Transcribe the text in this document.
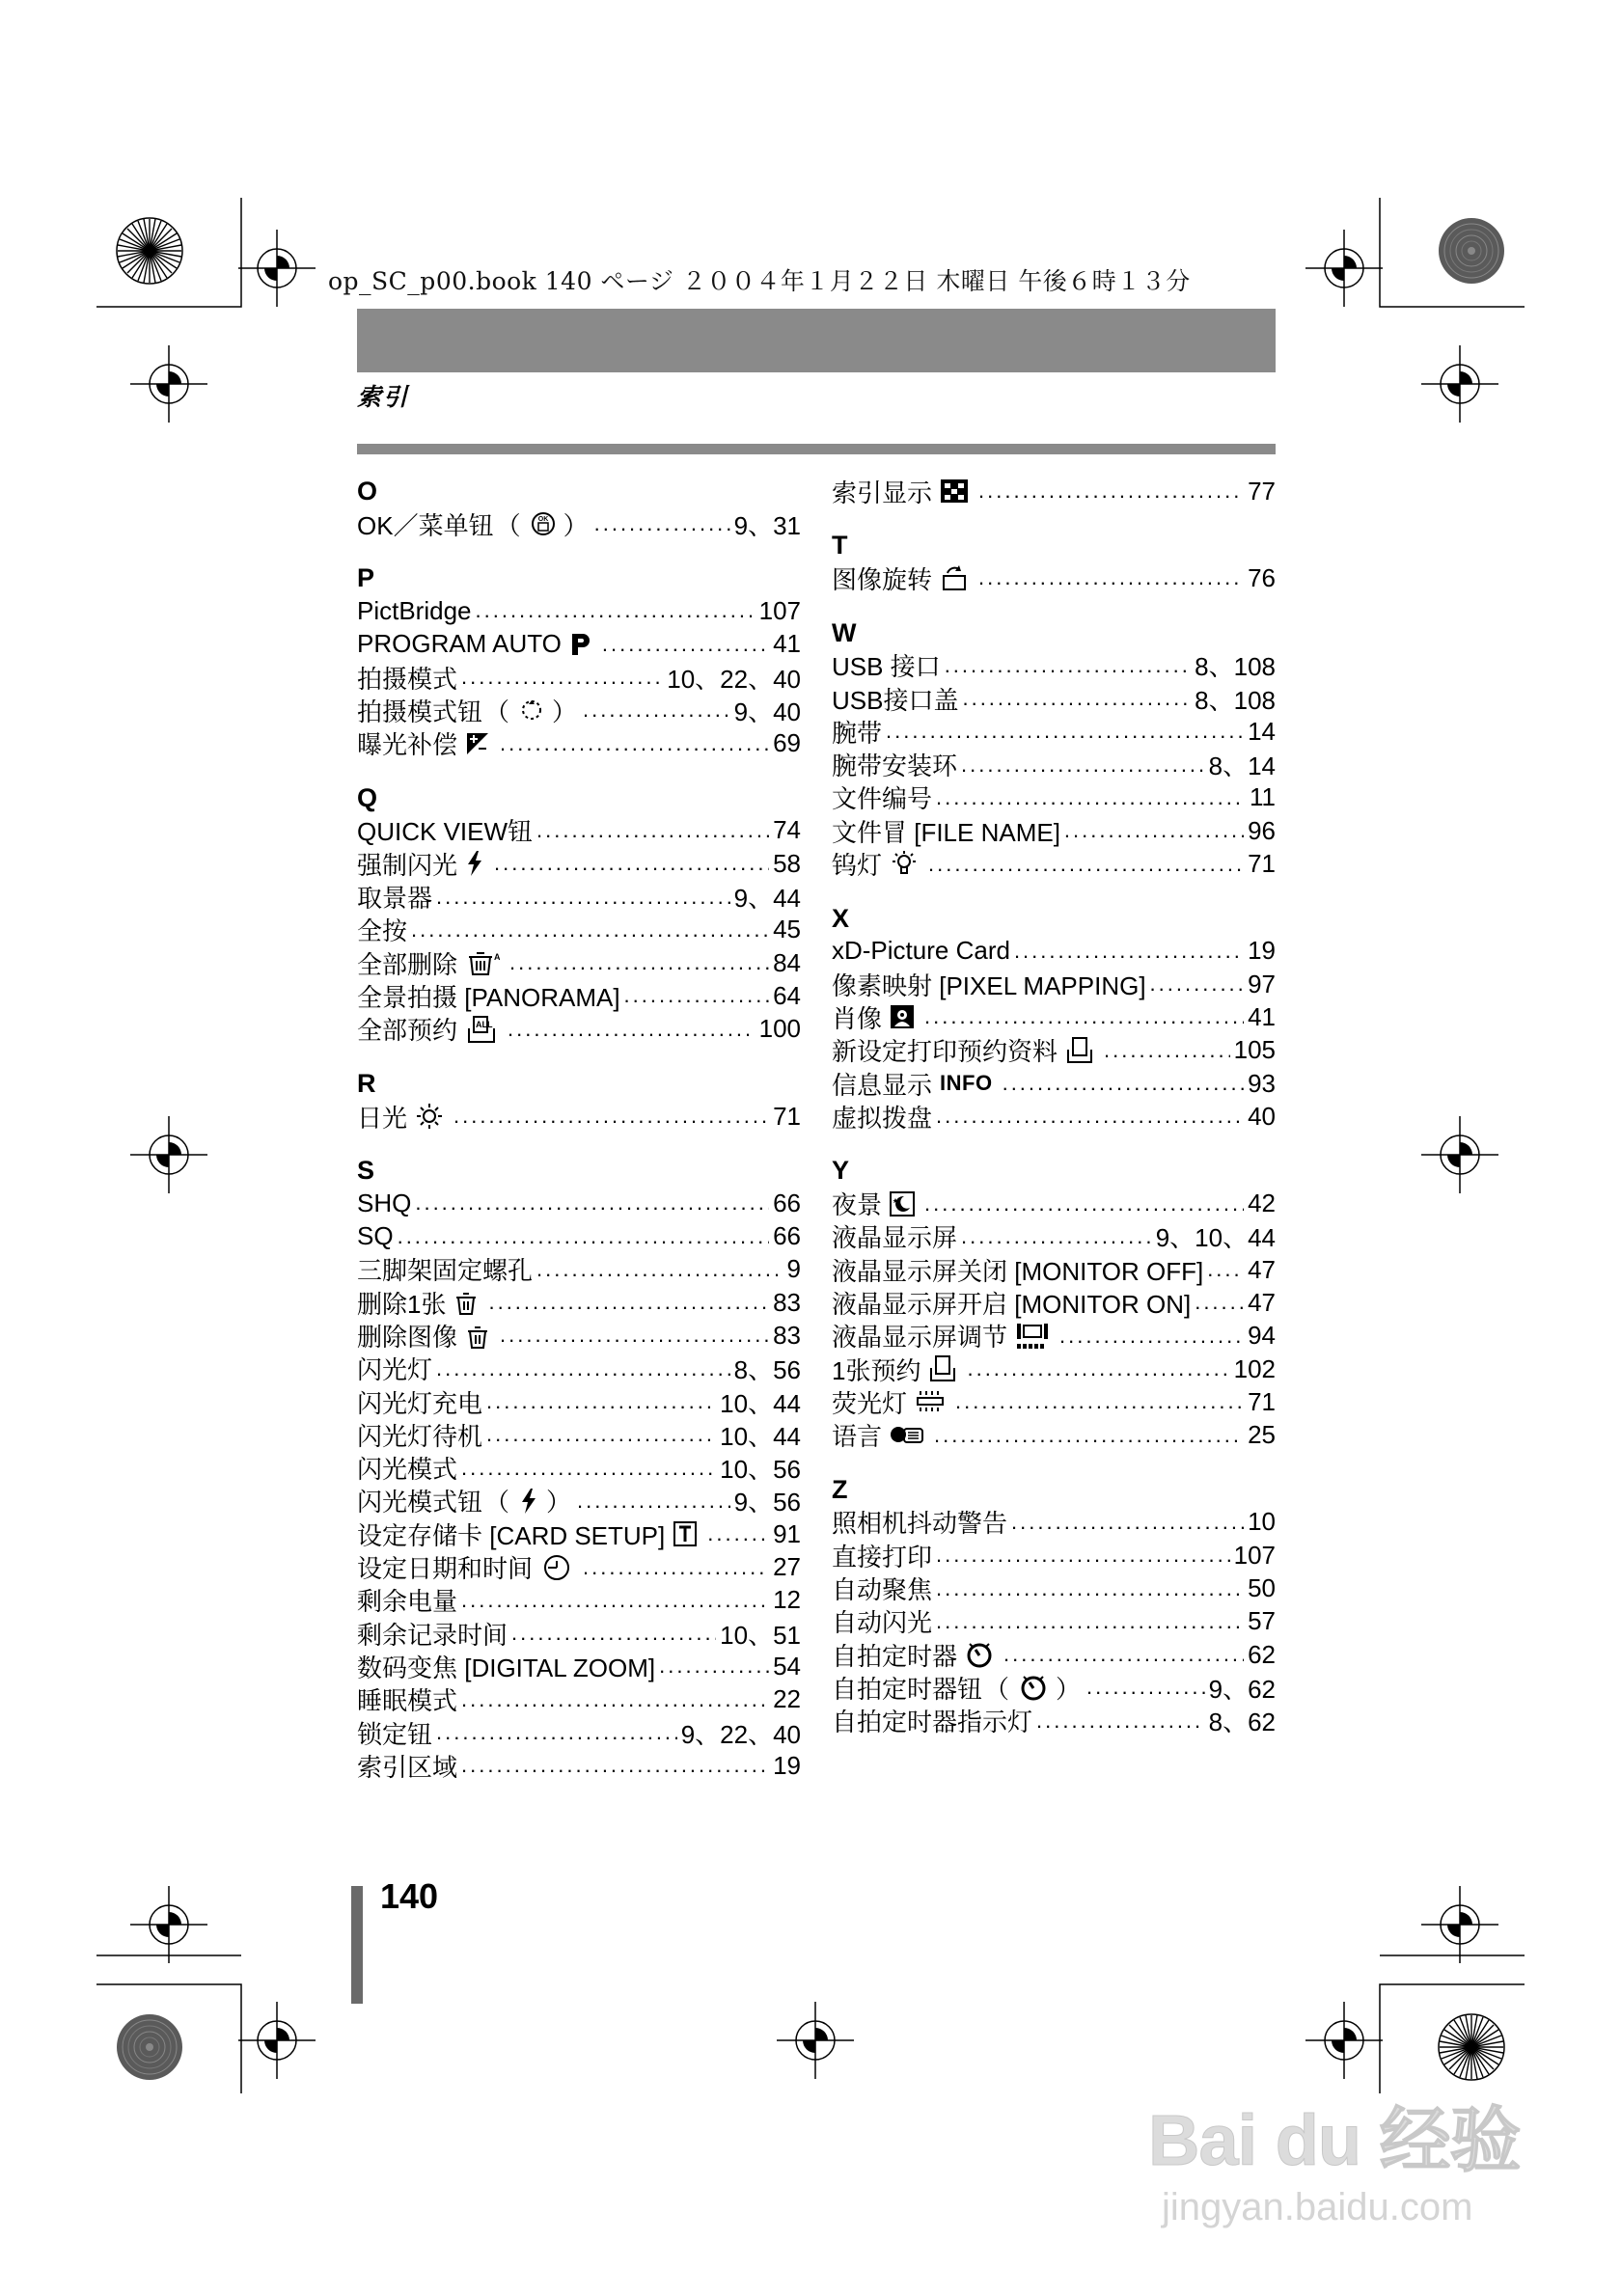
op_SC_p00.book 140 ページ ２００４年１月２２日 木曜日 午後６時１３分
索引
O
OK／菜单钮 （	OK ） .....	9、31
P
PictBridge .....	107
PROGRAM AUTO .....	41
拍摄模式 .....	10、22、40
拍摄模式钮 （ ） .....	9、40
曝光补偿 .....	69
Q
QUICK VIEW钮 .....	74
强制闪光 .....	58
取景器 .....	9、44
全按 .....	45
全部删除	A .....	84
全景拍摄 [PANORAMA] .....	64
全部预约 ALL .....	100
R
日光 .....	71
S
SHQ .....	66
SQ .....	66
三脚架固定螺孔 .....	9
删除1张 .....	83
删除图像 .....	83
闪光灯 .....	8、56
闪光灯充电 .....	10、44
闪光灯待机 .....	10、44
闪光模式 .....	10、56
闪光模式钮 （ ） .....	9、56
设定存储卡 [CARD SETUP] .....	91
设定日期和时间 .....	27
剩余电量 .....	12
剩余记录时间 .....	10、51
数码变焦 [DIGITAL ZOOM] .....	54
睡眠模式 .....	22
锁定钮 .....	9、22、40
索引区域 .....	19
索引显示 .....	77
T
图像旋转 .....	76
W
USB 接口 .....	8、108
USB接口盖 .....	8、108
腕带 .....	14
腕带安装环 .....	8、14
文件编号 .....	11
文件冒 [FILE NAME] .....	96
钨灯 .....	71
X
xD-Picture Card .....	19
像素映射 [PIXEL MAPPING] .....	97
肖像 .....	41
新设定打印预约资料 .....	105
信息显示 INFO .....	93
虚拟拨盘 .....	40
Y
夜景 .....	42
液晶显示屏 .....	9、10、44
液晶显示屏关闭 [MONITOR OFF] ..... 47
液晶显示屏开启 [MONITOR ON] ..... 47
液晶显示屏调节 .....	94
1张预约 .....	102
荧光灯 .....	71
语言 .....	25
Z
照相机抖动警告 .....	10
直接打印 .....	107
自动聚焦 .....	50
自动闪光 .....	57
自拍定时器 .....	62
自拍定时器钮 （ ） .....	9、62
自拍定时器指示灯 .....	8、62
140
Bai du 经验
jingyan.baidu.com
